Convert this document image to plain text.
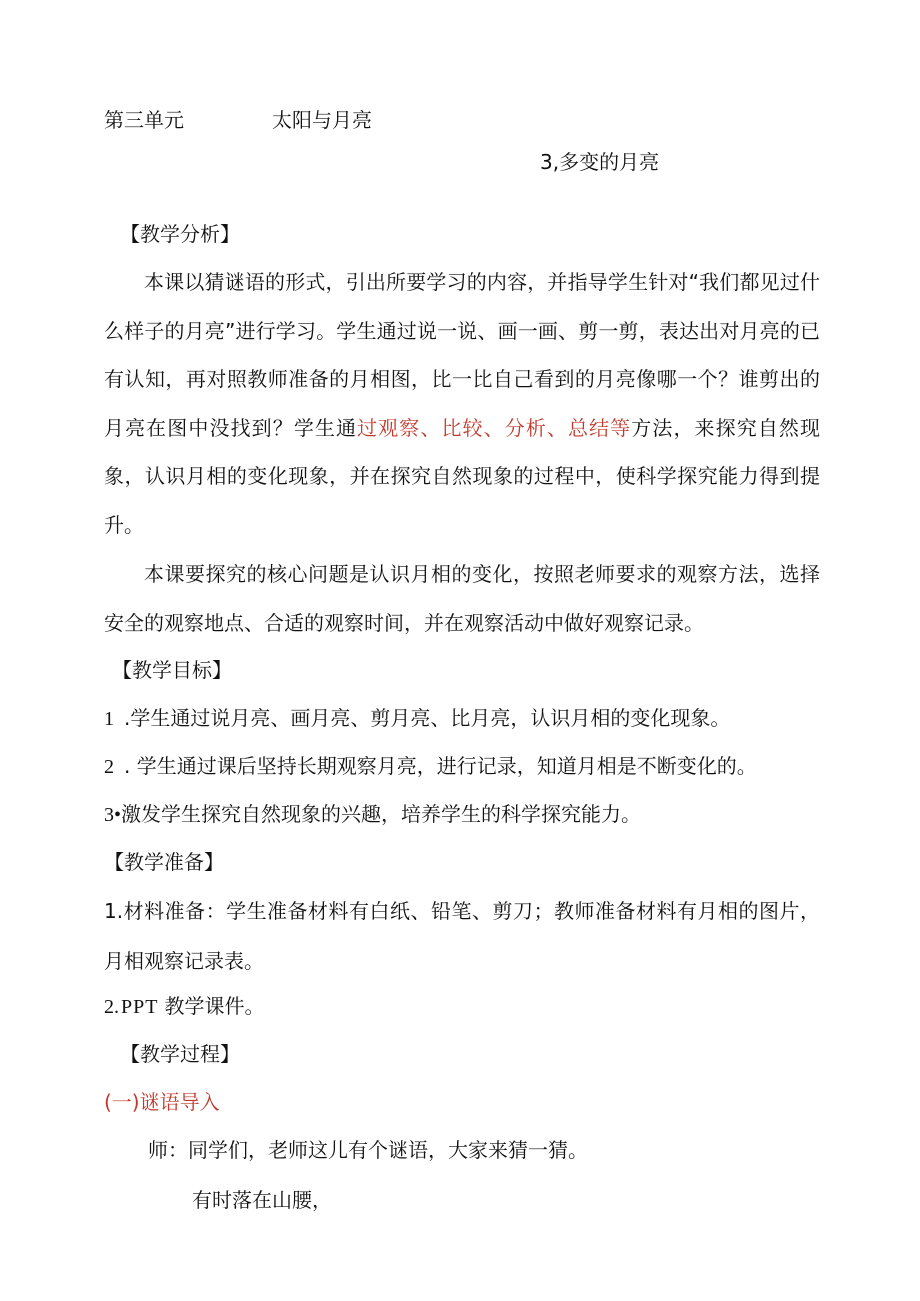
第三单元	太阳与月亮
3,多变的月亮
【教学分析】
本课以猜谜语的形式，引出所要学习的内容，并指导学生针对“我们都见过什么样子的月亮”进行学习。学生通过说一说、画一画、剪一剪，表达出对月亮的已有认知，再对照教师准备的月相图，比一比自己看到的月亮像哪一个？谁剪出的月亮在图中没找到？学生通过观察、比较、分析、总结等方法，来探究自然现象，认识月相的变化现象，并在探究自然现象的过程中，使科学探究能力得到提升。
本课要探究的核心问题是认识月相的变化，按照老师要求的观察方法，选择安全的观察地点、合适的观察时间，并在观察活动中做好观察记录。
【教学目标】
1 .学生通过说月亮、画月亮、剪月亮、比月亮，认识月相的变化现象。
2 . 学生通过课后坚持长期观察月亮，进行记录，知道月相是不断变化的。
3•激发学生探究自然现象的兴趣，培养学生的科学探究能力。
【教学准备】
1.材料准备：学生准备材料有白纸、铅笔、剪刀；教师准备材料有月相的图片，月相观察记录表。
2. PPT 教学课件。
【教学过程】
(一)谜语导入
师：同学们，老师这儿有个谜语，大家来猜一猜。
有时落在山腰，
